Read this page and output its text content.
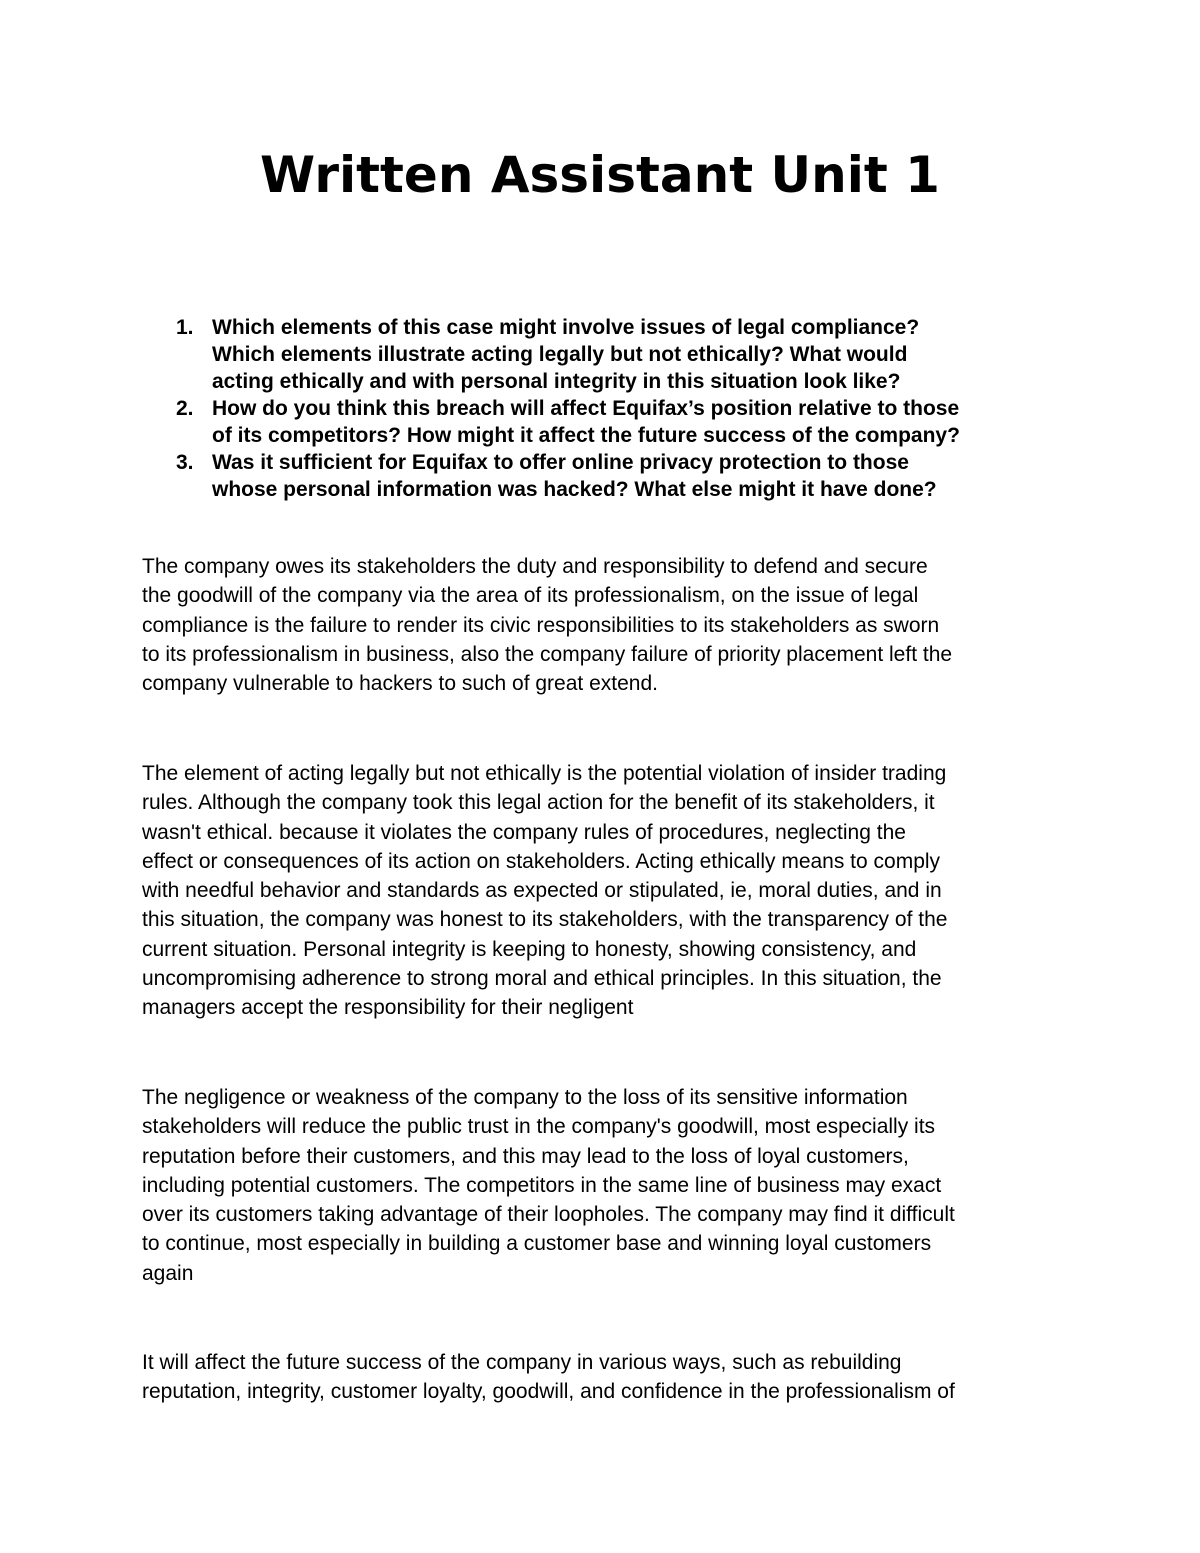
Written Assistant Unit 1
1. Which elements of this case might involve issues of legal compliance?
Which elements illustrate acting legally but not ethically? What would
acting ethically and with personal integrity in this situation look like?
2. How do you think this breach will affect Equifax’s position relative to those
of its competitors? How might it affect the future success of the company?
3. Was it sufficient for Equifax to offer online privacy protection to those
whose personal information was hacked? What else might it have done?

The company owes its stakeholders the duty and responsibility to defend and secure
the goodwill of the company via the area of its professionalism, on the issue of legal
compliance is the failure to render its civic responsibilities to its stakeholders as sworn
to its professionalism in business, also the company failure of priority placement left the
company vulnerable to hackers to such of great extend.

The element of acting legally but not ethically is the potential violation of insider trading
rules. Although the company took this legal action for the benefit of its stakeholders, it
wasn't ethical. because it violates the company rules of procedures, neglecting the
effect or consequences of its action on stakeholders. Acting ethically means to comply
with needful behavior and standards as expected or stipulated, ie, moral duties, and in
this situation, the company was honest to its stakeholders, with the transparency of the
current situation. Personal integrity is keeping to honesty, showing consistency, and
uncompromising adherence to strong moral and ethical principles. In this situation, the
managers accept the responsibility for their negligent

The negligence or weakness of the company to the loss of its sensitive information
stakeholders will reduce the public trust in the company's goodwill, most especially its
reputation before their customers, and this may lead to the loss of loyal customers,
including potential customers. The competitors in the same line of business may exact
over its customers taking advantage of their loopholes. The company may find it difficult
to continue, most especially in building a customer base and winning loyal customers
again

It will affect the future success of the company in various ways, such as rebuilding
reputation, integrity, customer loyalty, goodwill, and confidence in the professionalism of
